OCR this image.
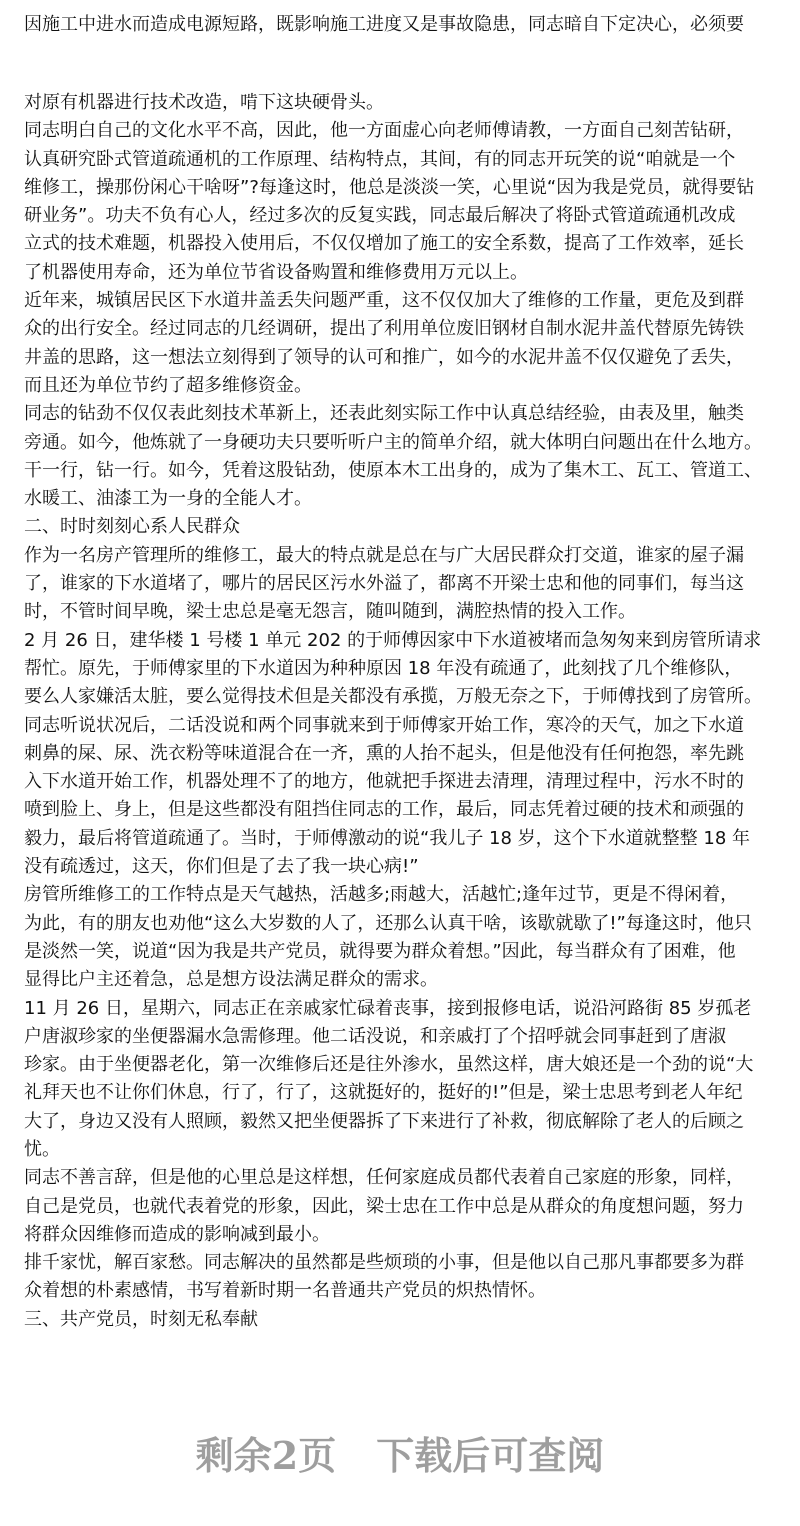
因施工中进水而造成电源短路，既影响施工进度又是事故隐患，同志暗自下定决心，必须要
对原有机器进行技术改造，啃下这块硬骨头。
同志明白自己的文化水平不高，因此，他一方面虚心向老师傅请教，一方面自己刻苦钻研，
认真研究卧式管道疏通机的工作原理、结构特点，其间，有的同志开玩笑的说“咱就是一个
维修工，操那份闲心干啥呀”?每逢这时，他总是淡淡一笑，心里说“因为我是党员，就得要钻
研业务”。功夫不负有心人，经过多次的反复实践，同志最后解决了将卧式管道疏通机改成
立式的技术难题，机器投入使用后，不仅仅增加了施工的安全系数，提高了工作效率，延长
了机器使用寿命，还为单位节省设备购置和维修费用万元以上。
近年来，城镇居民区下水道井盖丢失问题严重，这不仅仅加大了维修的工作量，更危及到群
众的出行安全。经过同志的几经调研，提出了利用单位废旧钢材自制水泥井盖代替原先铸铁
井盖的思路，这一想法立刻得到了领导的认可和推广，如今的水泥井盖不仅仅避免了丢失，
而且还为单位节约了超多维修资金。
同志的钻劲不仅仅表此刻技术革新上，还表此刻实际工作中认真总结经验，由表及里，触类
旁通。如今，他炼就了一身硬功夫只要听听户主的简单介绍，就大体明白问题出在什么地方。
干一行，钻一行。如今，凭着这股钻劲，使原本木工出身的，成为了集木工、瓦工、管道工、
水暖工、油漆工为一身的全能人才。
二、时时刻刻心系人民群众
作为一名房产管理所的维修工，最大的特点就是总在与广大居民群众打交道，谁家的屋子漏
了，谁家的下水道堵了，哪片的居民区污水外溢了，都离不开梁士忠和他的同事们，每当这
时，不管时间早晚，梁士忠总是毫无怨言，随叫随到，满腔热情的投入工作。
2 月 26 日，建华楼 1 号楼 1 单元 202 的于师傅因家中下水道被堵而急匆匆来到房管所请求
帮忙。原先，于师傅家里的下水道因为种种原因 18 年没有疏通了，此刻找了几个维修队，
要么人家嫌活太脏，要么觉得技术但是关都没有承揽，万般无奈之下，于师傅找到了房管所。
同志听说状况后，二话没说和两个同事就来到于师傅家开始工作，寒冷的天气，加之下水道
刺鼻的屎、尿、洗衣粉等味道混合在一齐，熏的人抬不起头，但是他没有任何抱怨，率先跳
入下水道开始工作，机器处理不了的地方，他就把手探进去清理，清理过程中，污水不时的
喷到脸上、身上，但是这些都没有阻挡住同志的工作，最后，同志凭着过硬的技术和顽强的
毅力，最后将管道疏通了。当时，于师傅激动的说“我儿子 18 岁，这个下水道就整整 18 年
没有疏透过，这天，你们但是了去了我一块心病!”
房管所维修工的工作特点是天气越热，活越多;雨越大，活越忙;逢年过节，更是不得闲着，
为此，有的朋友也劝他“这么大岁数的人了，还那么认真干啥，该歇就歇了!”每逢这时，他只
是淡然一笑，说道“因为我是共产党员，就得要为群众着想。”因此，每当群众有了困难，他
显得比户主还着急，总是想方设法满足群众的需求。
11 月 26 日，星期六，同志正在亲戚家忙碌着丧事，接到报修电话，说沿河路街 85 岁孤老
户唐淑珍家的坐便器漏水急需修理。他二话没说，和亲戚打了个招呼就会同事赶到了唐淑
珍家。由于坐便器老化，第一次维修后还是往外渗水，虽然这样，唐大娘还是一个劲的说“大
礼拜天也不让你们休息，行了，行了，这就挺好的，挺好的!”但是，梁士忠思考到老人年纪
大了，身边又没有人照顾，毅然又把坐便器拆了下来进行了补救，彻底解除了老人的后顾之
忧。
同志不善言辞，但是他的心里总是这样想，任何家庭成员都代表着自己家庭的形象，同样，
自己是党员，也就代表着党的形象，因此，梁士忠在工作中总是从群众的角度想问题，努力
将群众因维修而造成的影响减到最小。
排千家忧，解百家愁。同志解决的虽然都是些烦琐的小事，但是他以自己那凡事都要多为群
众着想的朴素感情，书写着新时期一名普通共产党员的炽热情怀。
三、共产党员，时刻无私奉献
剩余2页 下载后可查阅
